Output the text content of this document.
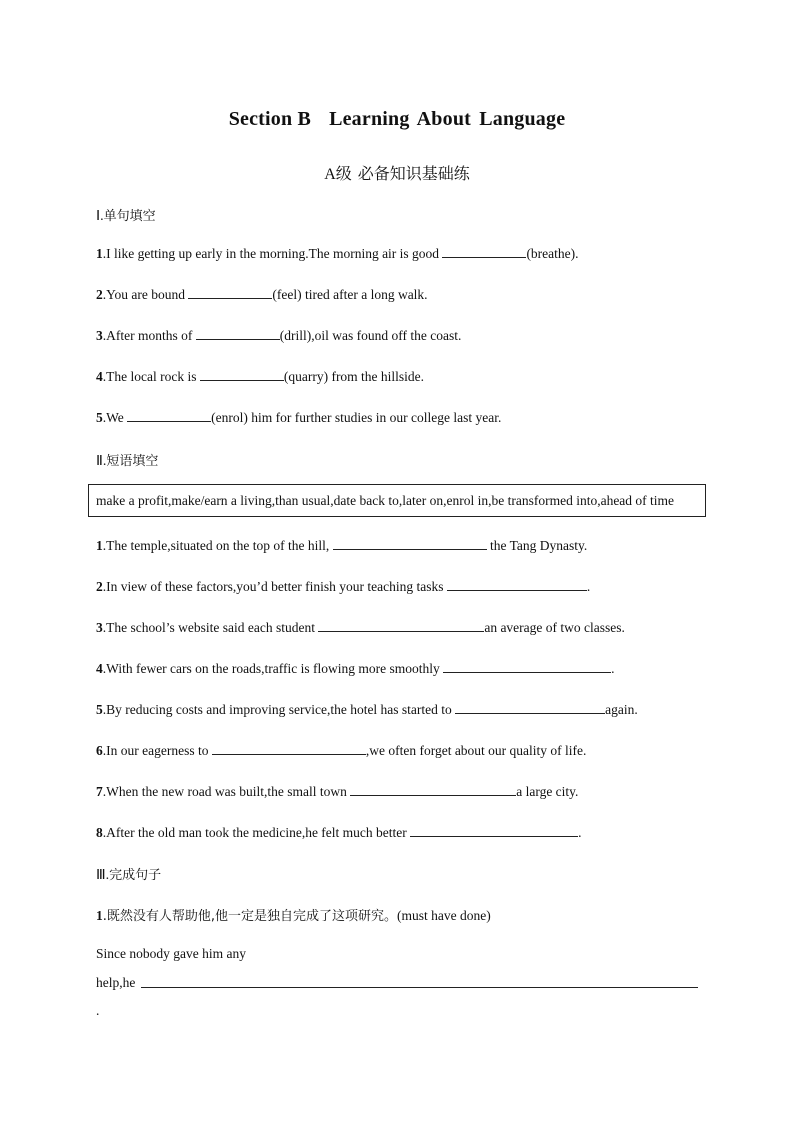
Section B Learning About Language
A级 必备知识基础练
Ⅰ.单句填空
1.I like getting up early in the morning.The morning air is good	(breathe).
2.You are bound	(feel) tired after a long walk.
3.After months of	(drill),oil was found off the coast.
4.The local rock is	(quarry) from the hillside.
5.We	(enrol) him for further studies in our college last year.
Ⅱ.短语填空
make a profit,make/earn a living,than usual,date back to,later on,enrol in,be transformed into,ahead of time
1.The temple,situated on the top of the hill,	the Tang Dynasty.
2.In view of these factors,you’d better finish your teaching tasks	.
3.The school’s website said each student	an average of two classes.
4.With fewer cars on the roads,traffic is flowing more smoothly	.
5.By reducing costs and improving service,the hotel has started to	again.
6.In our eagerness to	,we often forget about our quality of life.
7.When the new road was built,the small town	a large city.
8.After the old man took the medicine,he felt much better	.
Ⅲ.完成句子
1.既然没有人帮助他,他一定是独自完成了这项研究。(must have done)
Since nobody gave him any
help,he
.
